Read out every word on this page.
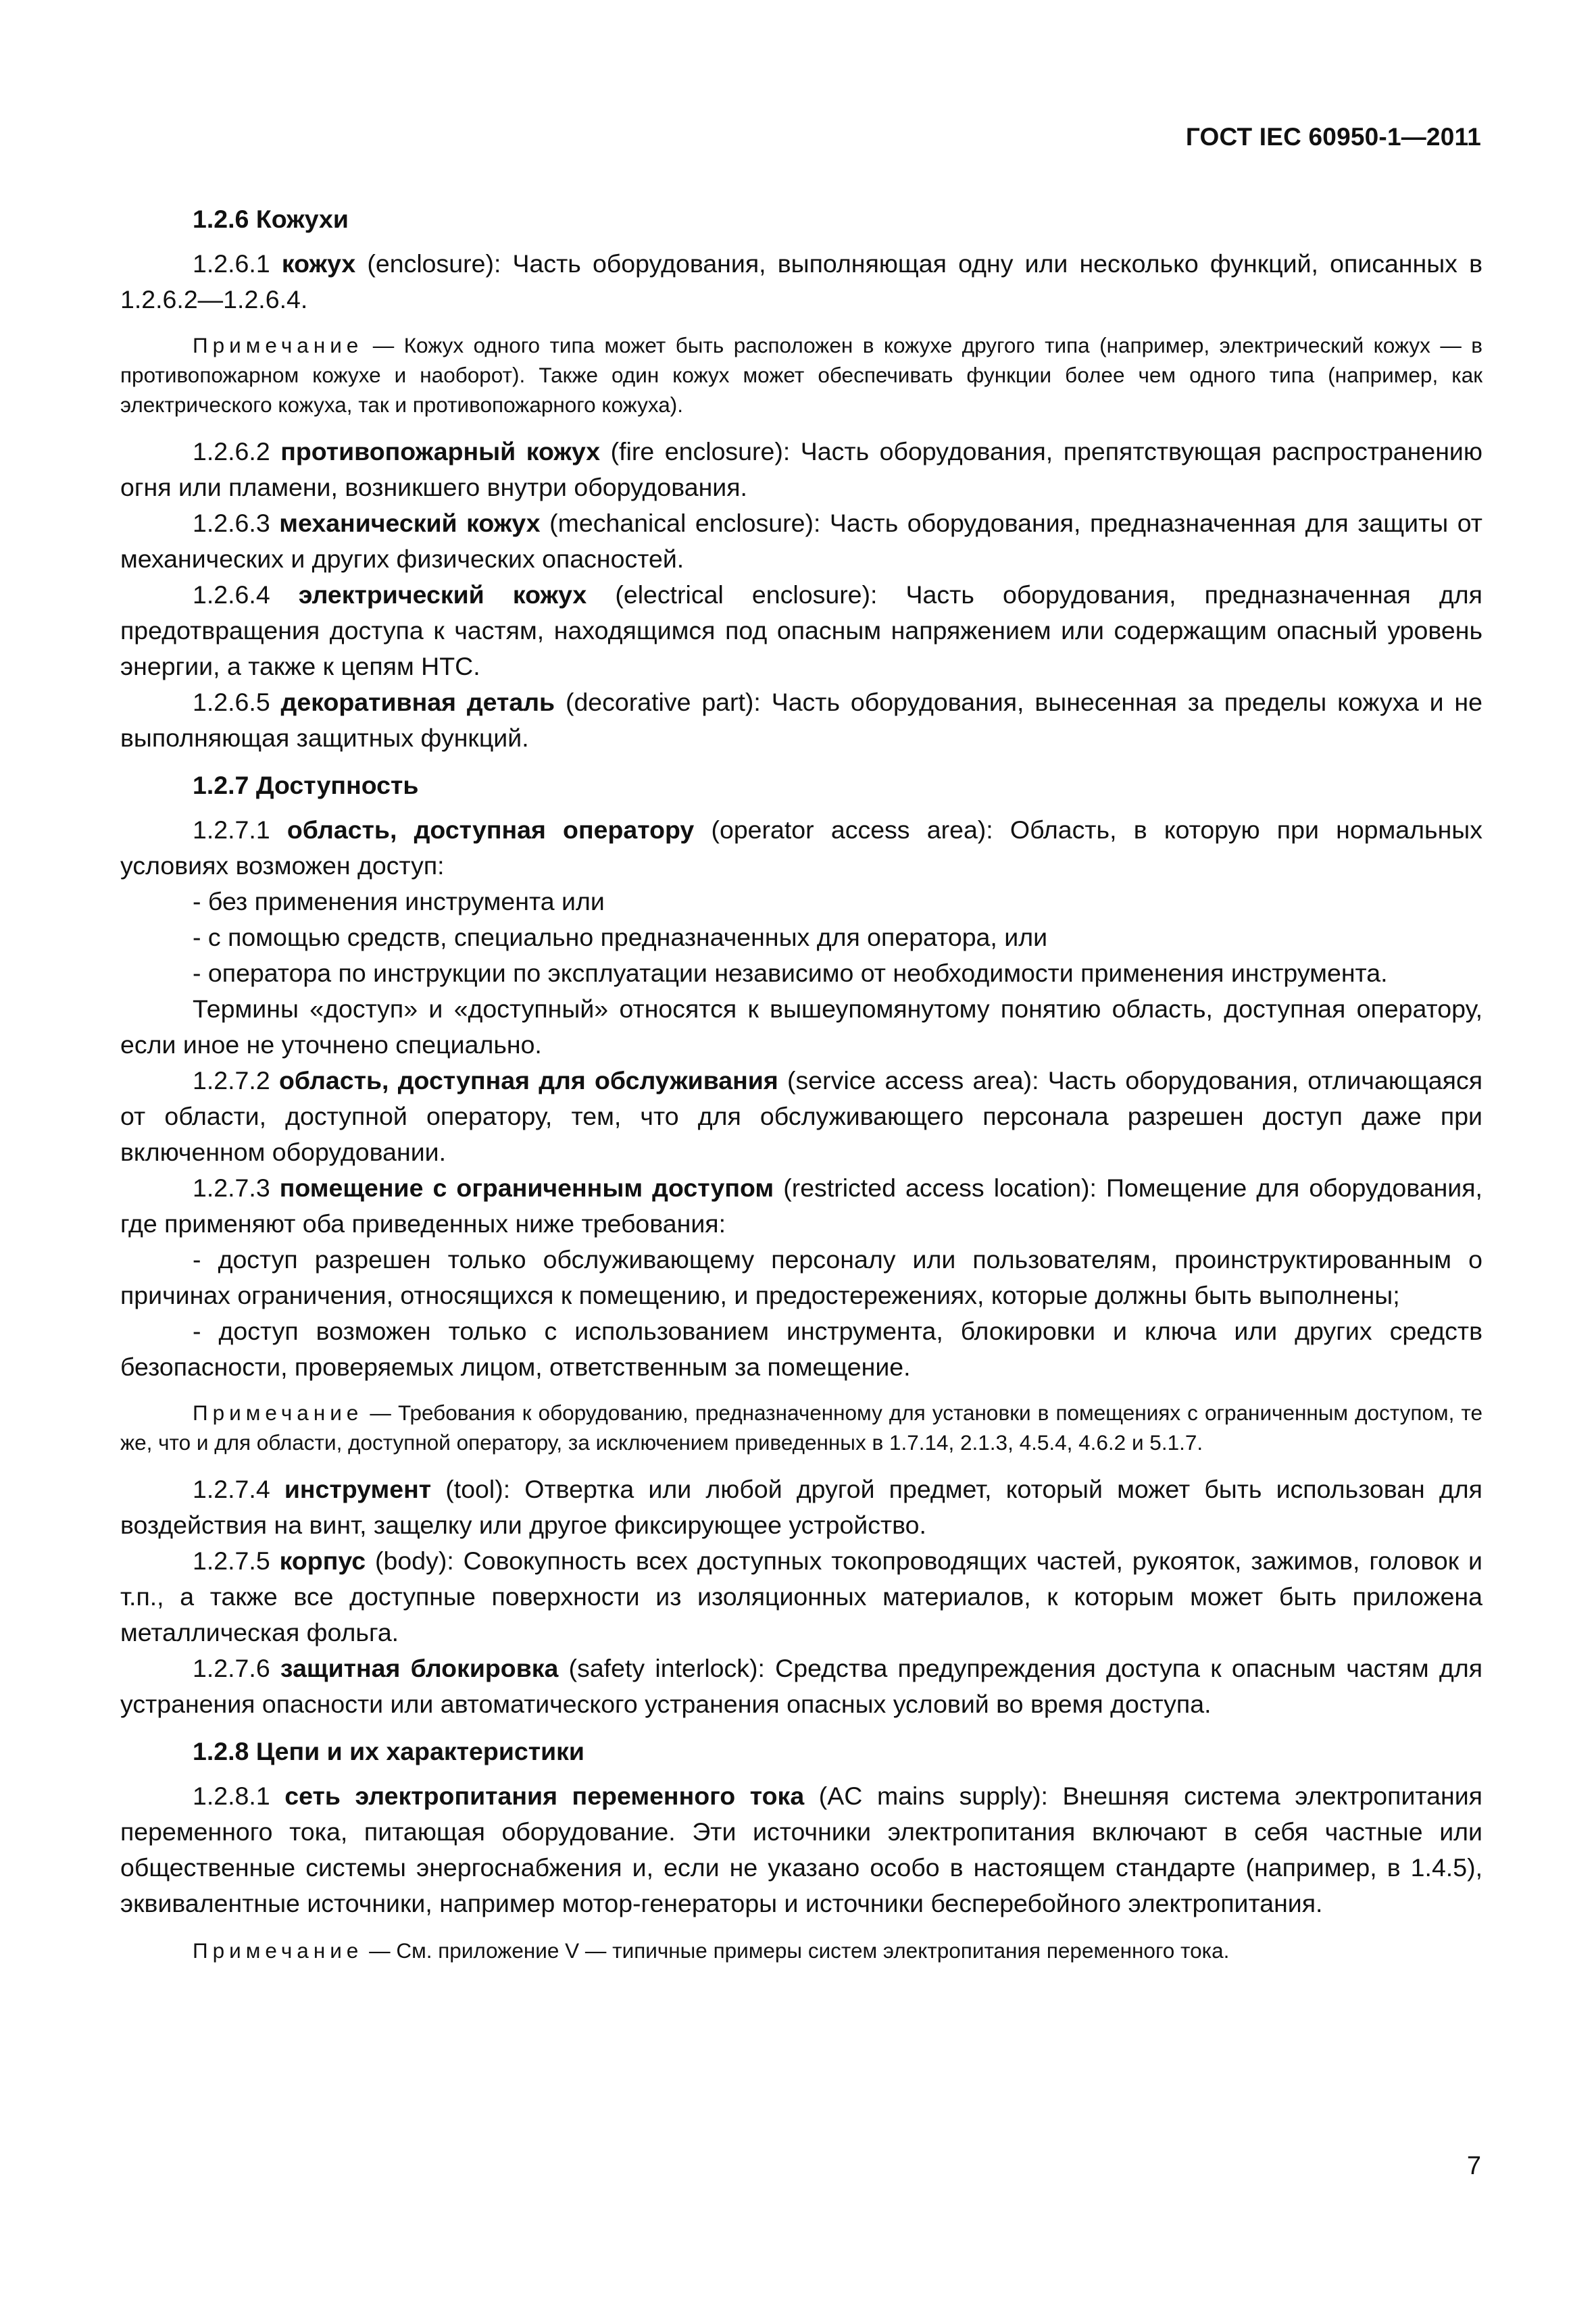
ГОСТ IEC 60950-1—2011

1.2.6 Кожухи

1.2.6.1 кожух (enclosure): Часть оборудования, выполняющая одну или несколько функций, описанных в 1.2.6.2—1.2.6.4.

Примечание — Кожух одного типа может быть расположен в кожухе другого типа (например, электрический кожух — в противопожарном кожухе и наоборот). Также один кожух может обеспечивать функции более чем одного типа (например, как электрического кожуха, так и противопожарного кожуха).

1.2.6.2 противопожарный кожух (fire enclosure): Часть оборудования, препятствующая распространению огня или пламени, возникшего внутри оборудования.

1.2.6.3 механический кожух (mechanical enclosure): Часть оборудования, предназначенная для защиты от механических и других физических опасностей.

1.2.6.4 электрический кожух (electrical enclosure): Часть оборудования, предназначенная для предотвращения доступа к частям, находящимся под опасным напряжением или содержащим опасный уровень энергии, а также к цепям НТС.

1.2.6.5 декоративная деталь (decorative part): Часть оборудования, вынесенная за пределы кожуха и не выполняющая защитных функций.

1.2.7 Доступность

1.2.7.1 область, доступная оператору (operator access area): Область, в которую при нормальных условиях возможен доступ:

- без применения инструмента или

- с помощью средств, специально предназначенных для оператора, или

- оператора по инструкции по эксплуатации независимо от необходимости применения инструмента.

Термины «доступ» и «доступный» относятся к вышеупомянутому понятию область, доступная оператору, если иное не уточнено специально.

1.2.7.2 область, доступная для обслуживания (service access area): Часть оборудования, отличающаяся от области, доступной оператору, тем, что для обслуживающего персонала разрешен доступ даже при включенном оборудовании.

1.2.7.3 помещение с ограниченным доступом (restricted access location): Помещение для оборудования, где применяют оба приведенных ниже требования:

- доступ разрешен только обслуживающему персоналу или пользователям, проинструктированным о причинах ограничения, относящихся к помещению, и предостережениях, которые должны быть выполнены;

- доступ возможен только с использованием инструмента, блокировки и ключа или других средств безопасности, проверяемых лицом, ответственным за помещение.

Примечание — Требования к оборудованию, предназначенному для установки в помещениях с ограниченным доступом, те же, что и для области, доступной оператору, за исключением приведенных в 1.7.14, 2.1.3, 4.5.4, 4.6.2 и 5.1.7.

1.2.7.4 инструмент (tool): Отвертка или любой другой предмет, который может быть использован для воздействия на винт, защелку или другое фиксирующее устройство.

1.2.7.5 корпус (body): Совокупность всех доступных токопроводящих частей, рукояток, зажимов, головок и т.п., а также все доступные поверхности из изоляционных материалов, к которым может быть приложена металлическая фольга.

1.2.7.6 защитная блокировка (safety interlock): Средства предупреждения доступа к опасным частям для устранения опасности или автоматического устранения опасных условий во время доступа.

1.2.8 Цепи и их характеристики

1.2.8.1 сеть электропитания переменного тока (AC mains supply): Внешняя система электропитания переменного тока, питающая оборудование. Эти источники электропитания включают в себя частные или общественные системы энергоснабжения и, если не указано особо в настоящем стандарте (например, в 1.4.5), эквивалентные источники, например мотор-генераторы и источники бесперебойного электропитания.

Примечание — См. приложение V — типичные примеры систем электропитания переменного тока.

7
